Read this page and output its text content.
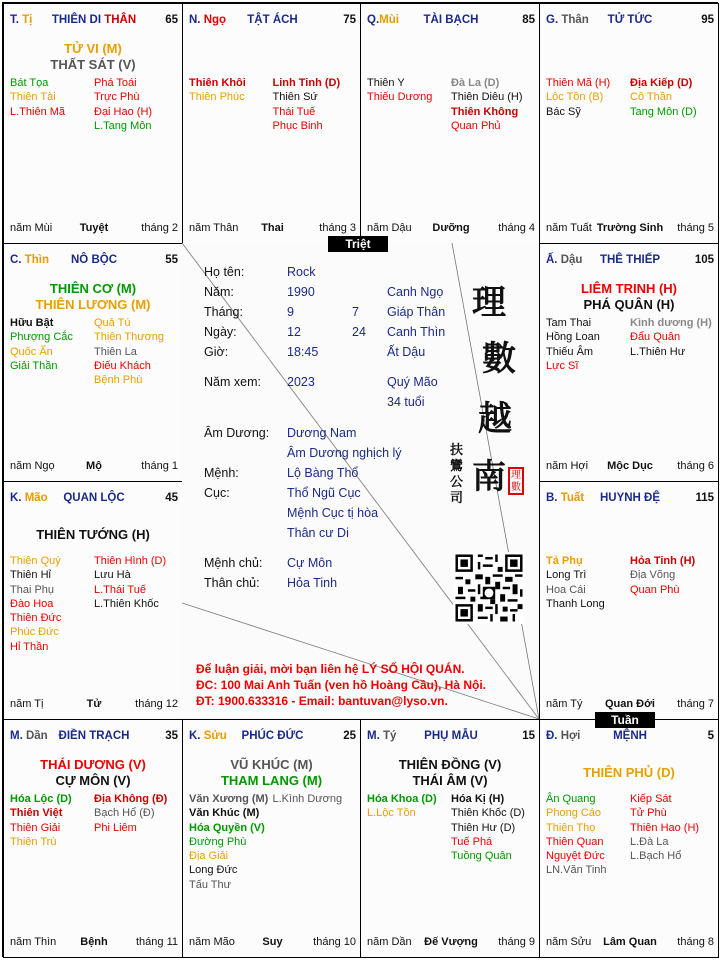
T. Tị	THIÊN DI THÂN	65
TỬ VI (M)
THẤT SÁT (V)
Bát Tọa
Thiên Tài
L.Thiên Mã
Phá Toái
Trực Phù
Đại Hao (H)
L.Tang Môn
năm Mùi	Tuyệt	tháng 2
N. Ngọ	TẬT ÁCH	75
Thiên Khôi
Thiên Phúc
Linh Tinh (D)
Thiên Sứ
Thái Tuế
Phục Binh
năm Thân	Thai	tháng 3
Q.Mùi	TÀI BẠCH	85
Thiên Y
Thiếu Dương
Đà La (D)
Thiên Diêu (H)
Thiên Không
Quan Phủ
năm Dậu	Dưỡng	tháng 4
G. Thân	TỬ TỨC	95
Thiên Mã (H)
Lộc Tồn (B)
Bác Sỹ
Địa Kiếp (D)
Cô Thần
Tang Môn (D)
năm Tuất Trường Sinh	tháng 5
C. Thìn	NÔ BỘC	55
THIÊN CƠ (M)
THIÊN LƯƠNG (M)
Hữu Bật
Phượng Cắc
Quốc Ấn
Giải Thần
Quả Tú
Thiên Thương
Thiên La
Điếu Khách
Bệnh Phù
năm Ngọ	Mộ	tháng 1
Ấ. Dậu	THÊ THIẾP	105
LIÊM TRINH (H)
PHÁ QUÂN (H)
Tam Thai
Hồng Loan
Thiếu Âm
Lực Sĩ
Kình dương (H)
Đẩu Quân
L.Thiên Hư
năm Hợi	Mộc Dục	tháng 6
K. Mão	QUAN LỘC	45
THIÊN TƯỚNG (H)
Thiên Quý
Thiên Hỉ
Thai Phụ
Đào Hoa
Thiên Đức
Phúc Đức
Hỉ Thần
Thiên Hình (D)
Lưu Hà
L.Thái Tuế
L.Thiên Khốc
năm Tị	Tử	tháng 12
B. Tuất	HUYNH ĐỆ	115
Tả Phụ
Long Trì
Hoa Cái
Thanh Long
Hỏa Tinh (H)
Địa Võng
Quan Phù
năm Tý	Quan Đới	tháng 7
M. Dần ĐIỀN TRẠCH	35
THÁI DƯƠNG (V)
CỰ MÔN (V)
Hóa Lộc (D)
Thiên Việt
Thiên Giải
Thiên Trù
Địa Không (Đ)
Bạch Hổ (Đ)
Phi Liêm
năm Thìn	Bệnh	tháng 11
K. Sửu	PHÚC ĐỨC	25
VŨ KHÚC (M)
THAM LANG (M)
Văn Xương (M)
Văn Khúc (M)
Hóa Quyền (V)
Đường Phù
Địa Giải
Long Đức
Tấu Thư
L.Kình Dương
năm Mão	Suy	tháng 10
M. Tý	PHỤ MẪU	15
THIÊN ĐỒNG (V)
THÁI ÂM (V)
Hóa Khoa (D)
L.Lộc Tồn
Hóa Kị (H)
Thiên Khốc (D)
Thiên Hư (D)
Tuế Phá
Tuồng Quân
năm Dần	Đế Vượng	tháng 9
Đ. Hợi	MỆNH	5
THIÊN PHỦ (D)
Ân Quang
Phong Cáo
Thiên Thọ
Thiên Quan
Nguyệt Đức
LN.Văn Tinh
Kiếp Sát
Tử Phù
Thiên Hao (H)
L.Đà La
L.Bạch Hổ
năm Sửu	Lâm Quan	tháng 8
Họ tên:	Rock
Năm:	1990	Canh Ngọ
Tháng:	9	7 Giáp Thân
Ngày:	12	24 Canh Thìn
Giờ:	18:45	Ất Dậu
Năm xem: 2023	Quý Mão
34 tuổi
Âm Dương: Dương Nam
Âm Dương nghịch lý
Mệnh:	Lộ Bàng Thổ
Cục:	Thổ Ngũ Cục
Mệnh Cục tị hòa
Thân cư Di
Mệnh chủ: Cự Môn
Thân chủ: Hỏa Tinh
理
數
越
南
扶鸞公司
理數
Để luận giải, mời bạn liên hệ LÝ SỐ HỘI QUÁN.
ĐC: 100 Mai Anh Tuấn (ven hồ Hoàng Cầu), Hà Nội.
ĐT: 1900.633316 - Email: bantuvan@lyso.vn.
Triệt
Tuần
